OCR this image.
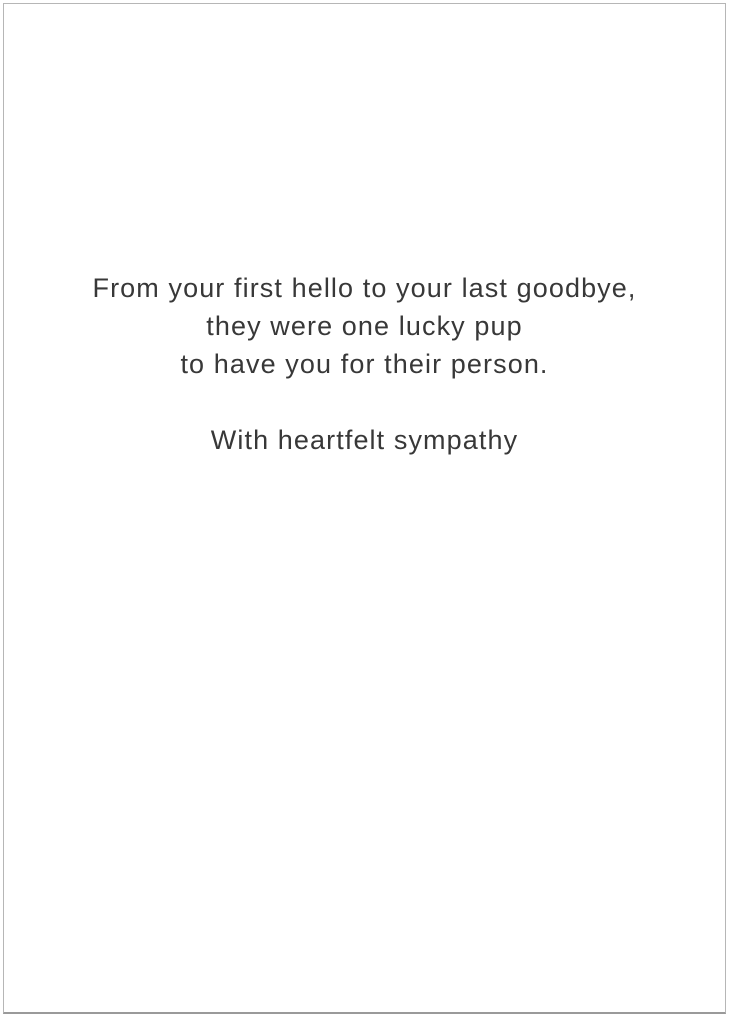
From your first hello to your last goodbye,

they were one lucky pup

to have you for their person.

With heartfelt sympathy
